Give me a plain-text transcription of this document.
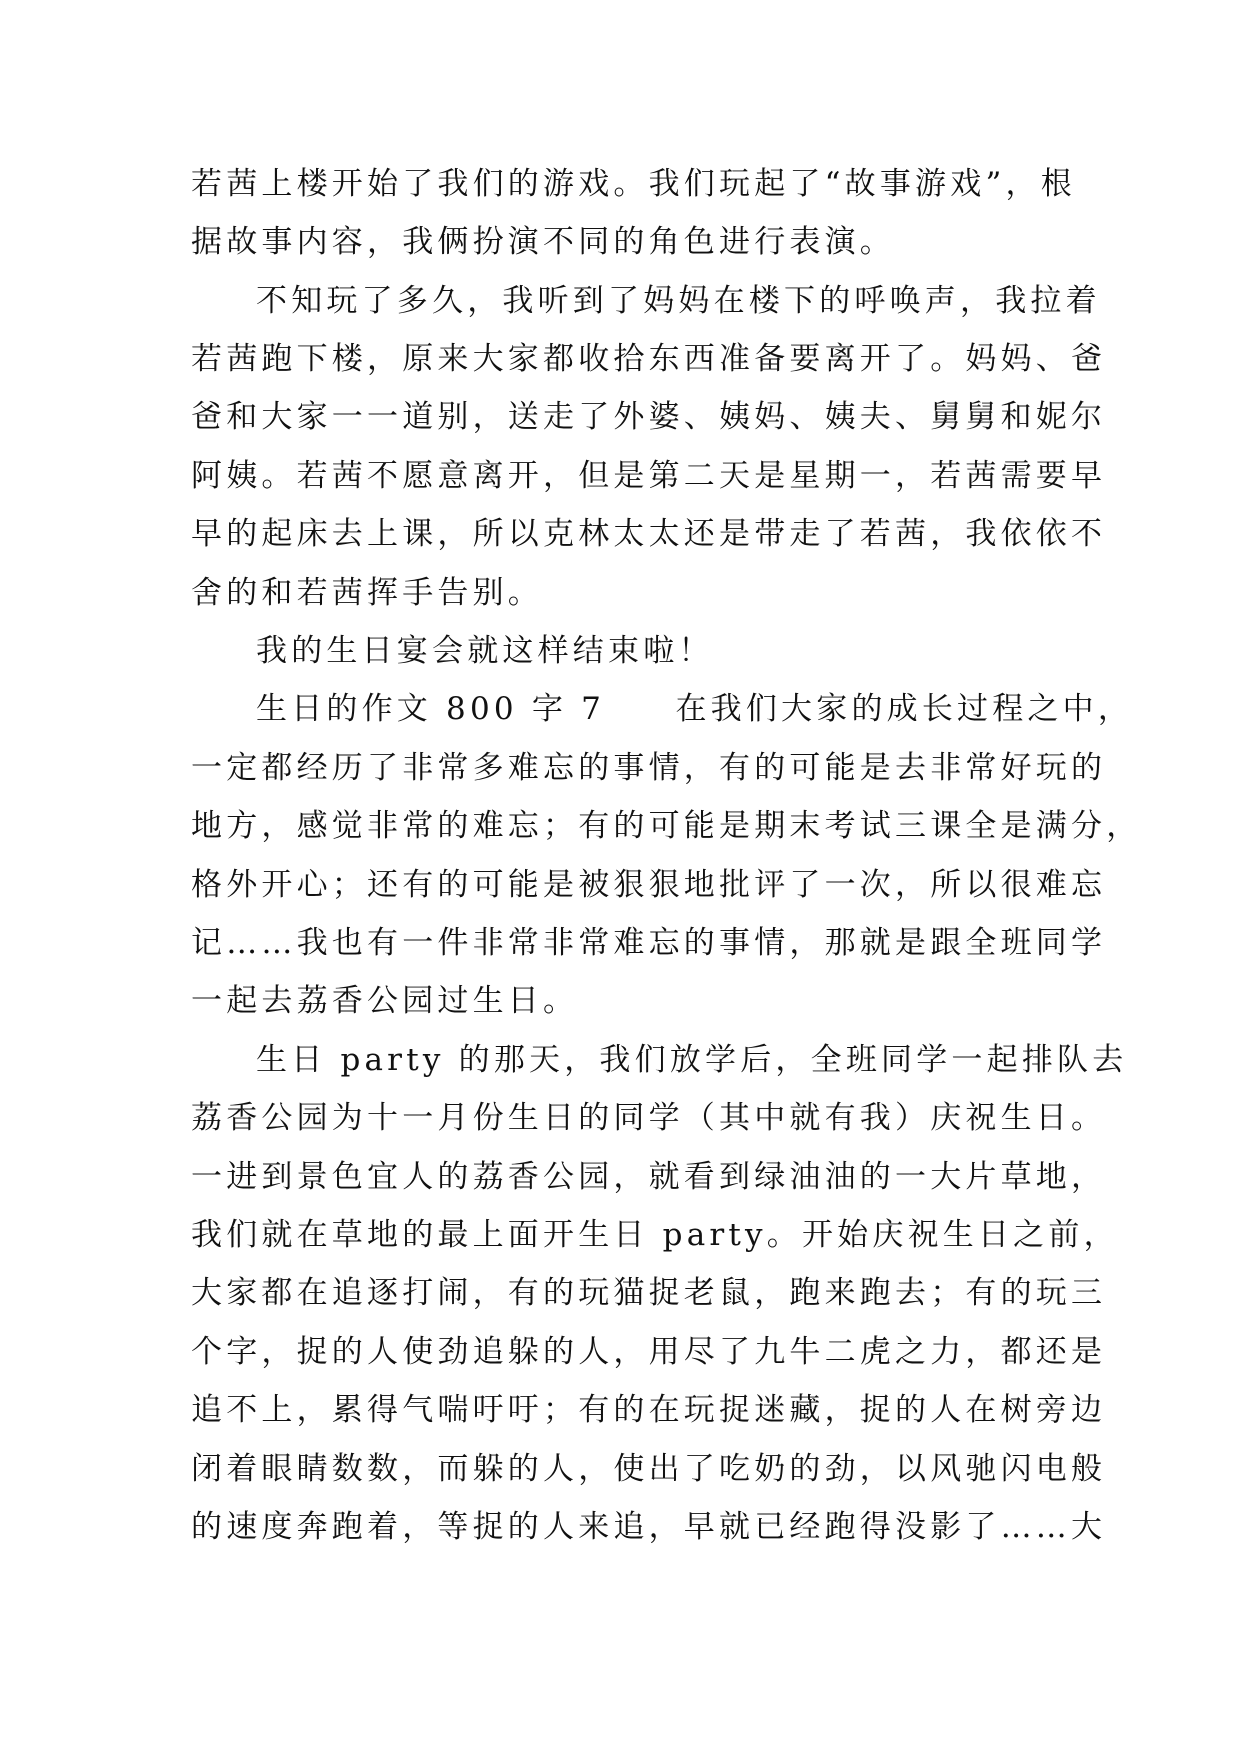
若茜上楼开始了我们的游戏。我们玩起了“故事游戏”，根
据故事内容，我俩扮演不同的角色进行表演。
不知玩了多久，我听到了妈妈在楼下的呼唤声，我拉着
若茜跑下楼，原来大家都收拾东西准备要离开了。妈妈、爸
爸和大家一一道别，送走了外婆、姨妈、姨夫、舅舅和妮尔
阿姨。若茜不愿意离开，但是第二天是星期一，若茜需要早
早的起床去上课，所以克林太太还是带走了若茜，我依依不
舍的和若茜挥手告别。
我的生日宴会就这样结束啦！
生日的作文 800 字 7　　在我们大家的成长过程之中，
一定都经历了非常多难忘的事情，有的可能是去非常好玩的
地方，感觉非常的难忘；有的可能是期末考试三课全是满分，
格外开心；还有的可能是被狠狠地批评了一次，所以很难忘
记……我也有一件非常非常难忘的事情，那就是跟全班同学
一起去荔香公园过生日。
生日 party 的那天，我们放学后，全班同学一起排队去
荔香公园为十一月份生日的同学（其中就有我）庆祝生日。
一进到景色宜人的荔香公园，就看到绿油油的一大片草地，
我们就在草地的最上面开生日 party。开始庆祝生日之前，
大家都在追逐打闹，有的玩猫捉老鼠，跑来跑去；有的玩三
个字，捉的人使劲追躲的人，用尽了九牛二虎之力，都还是
追不上，累得气喘吁吁；有的在玩捉迷藏，捉的人在树旁边
闭着眼睛数数，而躲的人，使出了吃奶的劲，以风驰闪电般
的速度奔跑着，等捉的人来追，早就已经跑得没影了……大
